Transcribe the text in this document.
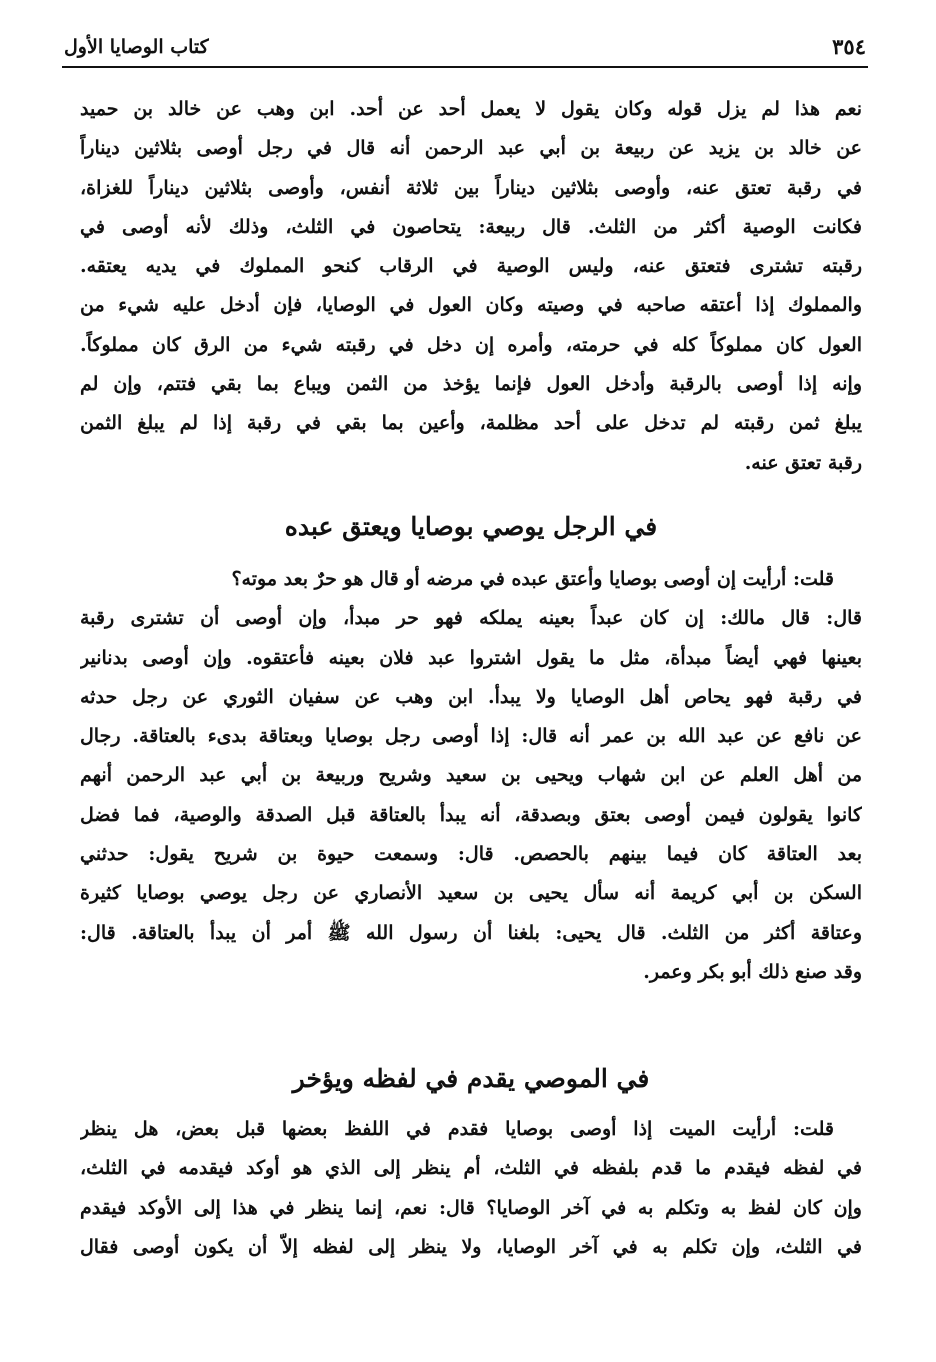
كتاب الوصايا الأول	٣٥٤
نعم هذا لم يزل قوله وكان يقول لا يعمل أحد عن أحد. ابن وهب عن خالد بن حميد
عن خالد بن يزيد عن ربيعة بن أبي عبد الرحمن أنه قال في رجل أوصى بثلاثين ديناراً
في رقبة تعتق عنه، وأوصى بثلاثين ديناراً بين ثلاثة أنفس، وأوصى بثلاثين ديناراً للغزاة،
فكانت الوصية أكثر من الثلث. قال ربيعة: يتحاصون في الثلث، وذلك لأنه أوصى في
رقبته تشترى فتعتق عنه، وليس الوصية في الرقاب كنحو المملوك في يديه يعتقه.
والمملوك إذا أعتقه صاحبه في وصيته وكان العول في الوصايا، فإن أدخل عليه شيء من
العول كان مملوكاً كله في حرمته، وأمره إن دخل في رقبته شيء من الرق كان مملوكاً.
وإنه إذا أوصى بالرقبة وأدخل العول فإنما يؤخذ من الثمن ويباع بما بقي فتتم، وإن لم
يبلغ ثمن رقبته لم تدخل على أحد مظلمة، وأعين بما بقي في رقبة إذا لم يبلغ الثمن
رقبة تعتق عنه.
في الرجل يوصي بوصايا ويعتق عبده
قلت: أرأيت إن أوصى بوصايا وأعتق عبده في مرضه أو قال هو حرٌ بعد موته؟
قال: قال مالك: إن كان عبداً بعينه يملكه فهو حر مبدأ، وإن أوصى أن تشترى رقبة
بعينها فهي أيضاً مبدأة، مثل ما يقول اشتروا عبد فلان بعينه فأعتقوه. وإن أوصى بدنانير
في رقبة فهو يحاص أهل الوصايا ولا يبدأ. ابن وهب عن سفيان الثوري عن رجل حدثه
عن نافع عن عبد الله بن عمر أنه قال: إذا أوصى رجل بوصايا وبعتاقة بدىء بالعتاقة. رجال
من أهل العلم عن ابن شهاب ويحيى بن سعيد وشريح وربيعة بن أبي عبد الرحمن أنهم
كانوا يقولون فيمن أوصى بعتق وبصدقة، أنه يبدأ بالعتاقة قبل الصدقة والوصية، فما فضل
بعد العتاقة كان فيما بينهم بالحصص. قال: وسمعت حيوة بن شريح يقول: حدثني
السكن بن أبي كريمة أنه سأل يحيى بن سعيد الأنصاري عن رجل يوصي بوصايا كثيرة
وعتاقة أكثر من الثلث. قال يحيى: بلغنا أن رسول الله ﷺ أمر أن يبدأ بالعتاقة. قال:
وقد صنع ذلك أبو بكر وعمر.
في الموصي يقدم في لفظه ويؤخر
قلت: أرأيت الميت إذا أوصى بوصايا فقدم في اللفظ بعضها قبل بعض، هل ينظر
في لفظه فيقدم ما قدم بلفظه في الثلث، أم ينظر إلى الذي هو أوكد فيقدمه في الثلث،
وإن كان لفظ به وتكلم به في آخر الوصايا؟ قال: نعم، إنما ينظر في هذا إلى الأوكد فيقدم
في الثلث، وإن تكلم به في آخر الوصايا، ولا ينظر إلى لفظه إلاّ أن يكون أوصى فقال
